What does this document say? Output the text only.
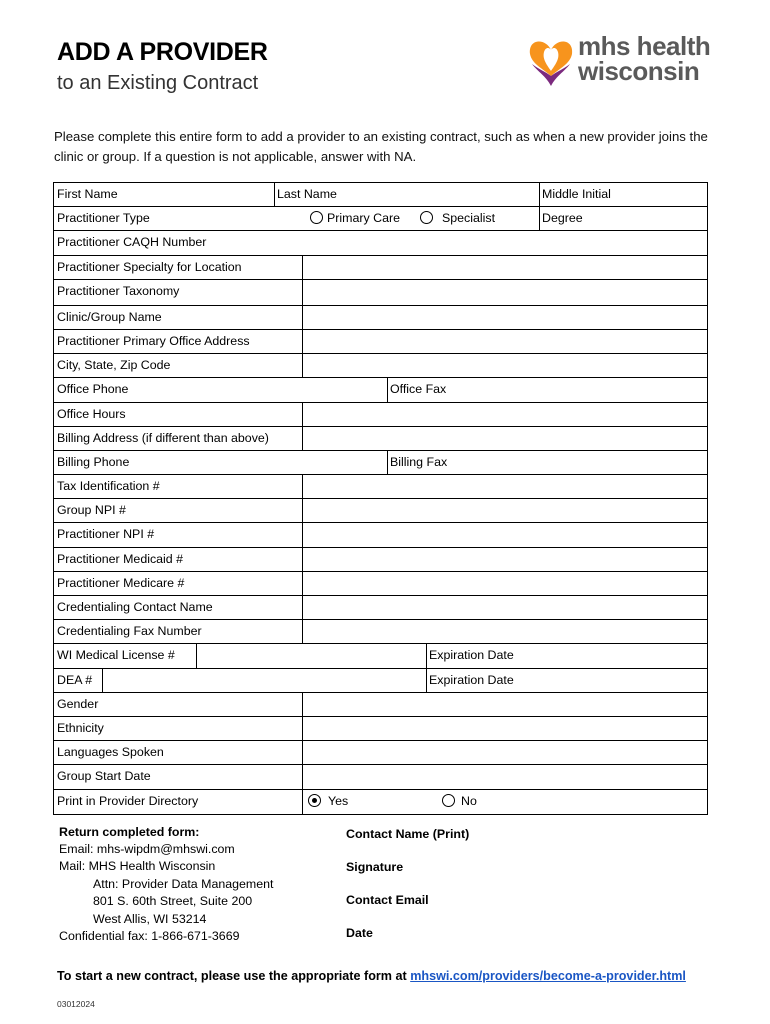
ADD A PROVIDER
to an Existing Contract
mhs health
wisconsin
Please complete this entire form to add a provider to an existing contract, such as when a new provider joins the clinic or group. If a question is not applicable, answer with NA.
First Name	Last Name	Middle Initial
Practitioner Type	Primary Care	Specialist	Degree
Practitioner CAQH Number
Practitioner Specialty for Location
Practitioner Taxonomy
Clinic/Group Name
Practitioner Primary Office Address
City, State, Zip Code
Office Phone	Office Fax
Office Hours
Billing Address (if different than above)
Billing Phone	Billing Fax
Tax Identification #
Group NPI #
Practitioner NPI #
Practitioner Medicaid #
Practitioner Medicare #
Credentialing Contact Name
Credentialing Fax Number
WI Medical License #	Expiration Date
DEA #	Expiration Date
Gender
Ethnicity
Languages Spoken
Group Start Date
Print in Provider Directory	Yes	No
Return completed form:
Email: mhs-wipdm@mhswi.com
Mail: MHS Health Wisconsin
Attn: Provider Data Management
801 S. 60th Street, Suite 200
West Allis, WI 53214
Confidential fax: 1-866-671-3669
Contact Name (Print)
Signature
Contact Email
Date
To start a new contract, please use the appropriate form at mhswi.com/providers/become-a-provider.html
03012024
